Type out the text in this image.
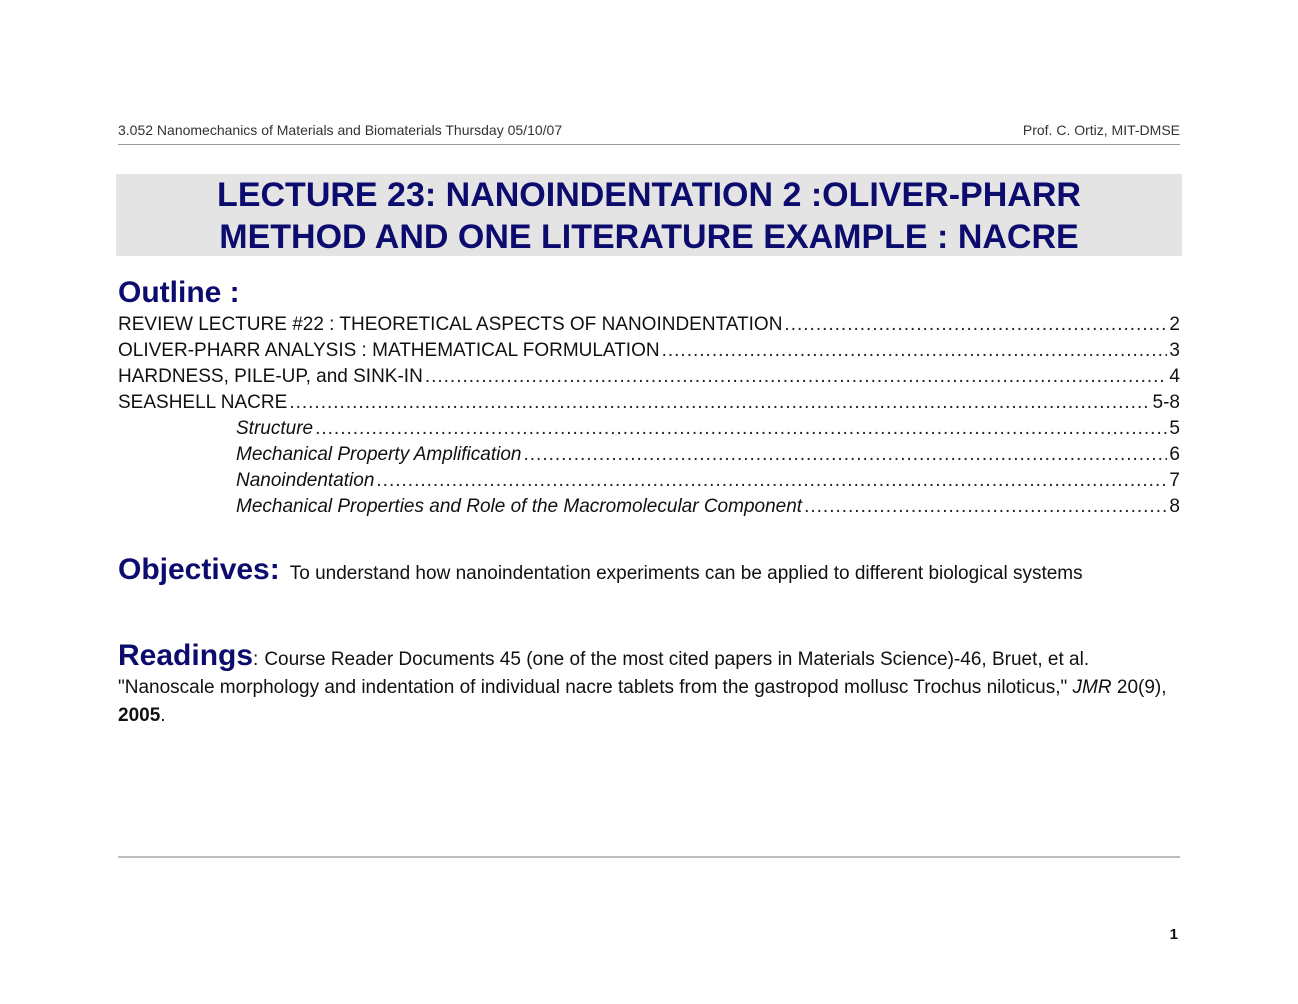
3.052 Nanomechanics of Materials and Biomaterials Thursday 05/10/07	Prof. C. Ortiz, MIT-DMSE
LECTURE 23: NANOINDENTATION 2 :OLIVER-PHARR
METHOD AND ONE LITERATURE EXAMPLE : NACRE
Outline :
REVIEW LECTURE #22 : THEORETICAL ASPECTS OF NANOINDENTATION .....	2
OLIVER-PHARR ANALYSIS : MATHEMATICAL FORMULATION .....	3
HARDNESS, PILE-UP, and SINK-IN .....	4
SEASHELL NACRE .....	5-8
Structure .....	5
Mechanical Property Amplification .....	6
Nanoindentation .....	7
Mechanical Properties and Role of the Macromolecular Component .....	8
Objectives: To understand how nanoindentation experiments can be applied to different biological systems
Readings: Course Reader Documents 45 (one of the most cited papers in Materials Science)-46, Bruet, et al. "Nanoscale morphology and indentation of individual nacre tablets from the gastropod mollusc Trochus niloticus," JMR 20(9), 2005.
1
